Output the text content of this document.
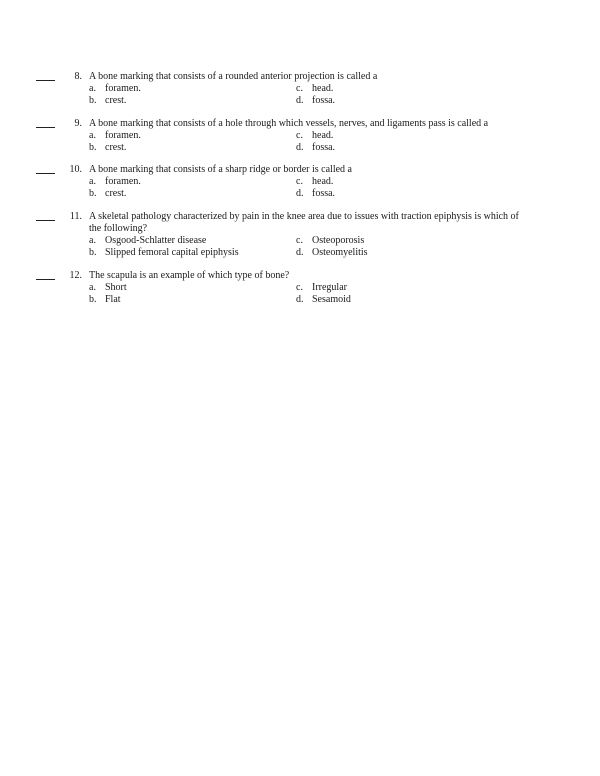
8. A bone marking that consists of a rounded anterior projection is called a
a. foramen.
b. crest.
c. head.
d. fossa.
9. A bone marking that consists of a hole through which vessels, nerves, and ligaments pass is called a
a. foramen.
b. crest.
c. head.
d. fossa.
10. A bone marking that consists of a sharp ridge or border is called a
a. foramen.
b. crest.
c. head.
d. fossa.
11. A skeletal pathology characterized by pain in the knee area due to issues with traction epiphysis is which of
the following?
a. Osgood-Schlatter disease
b. Slipped femoral capital epiphysis
c. Osteoporosis
d. Osteomyelitis
12. The scapula is an example of which type of bone?
a. Short
b. Flat
c. Irregular
d. Sesamoid
